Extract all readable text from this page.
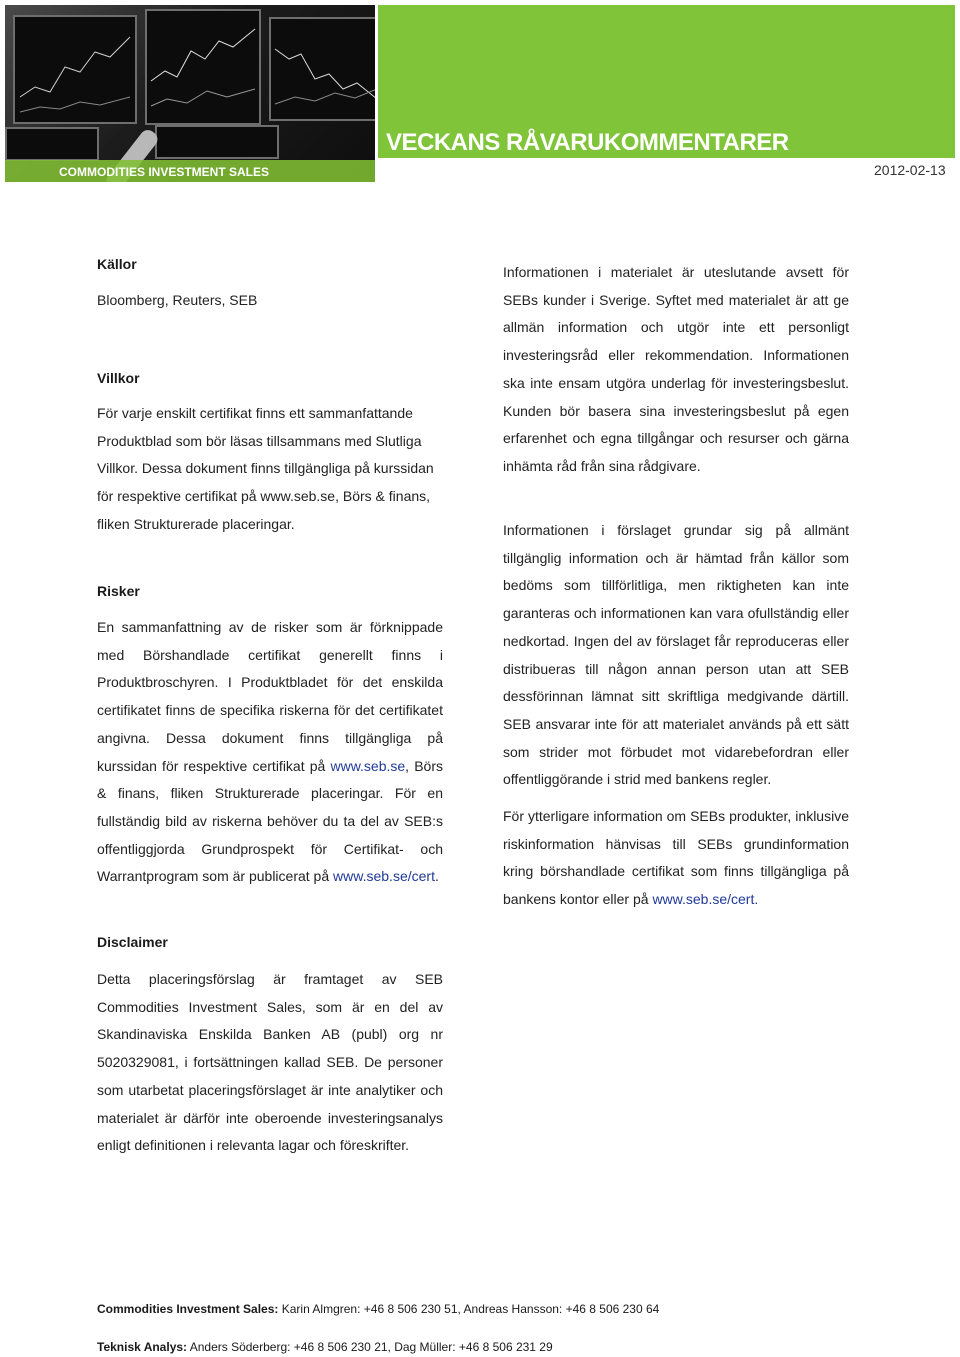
COMMODITIES INVESTMENT SALES
VECKANS RÅVARUKOMMENTARER
2012-02-13
Källor

Bloomberg, Reuters, SEB

Villkor

För varje enskilt certifikat finns ett sammanfattande Produktblad som bör läsas tillsammans med Slutliga Villkor. Dessa dokument finns tillgängliga på kurssidan för respektive certifikat på www.seb.se, Börs & finans, fliken Strukturerade placeringar.

Risker

En sammanfattning av de risker som är förknippade med Börshandlade certifikat generellt finns i Produktbroschyren. I Produktbladet för det enskilda certifikatet finns de specifika riskerna för det certifikatet angivna. Dessa dokument finns tillgängliga på kurssidan för respektive certifikat på www.seb.se, Börs & finans, fliken Strukturerade placeringar. För en fullständig bild av riskerna behöver du ta del av SEB:s offentliggjorda Grundprospekt för Certifikat- och Warrantprogram som är publicerat på www.seb.se/cert.

Disclaimer

Detta placeringsförslag är framtaget av SEB Commodities Investment Sales, som är en del av Skandinaviska Enskilda Banken AB (publ) org nr 5020329081, i fortsättningen kallad SEB. De personer som utarbetat placeringsförslaget är inte analytiker och materialet är därför inte oberoende investeringsanalys enligt definitionen i relevanta lagar och föreskrifter.

Informationen i materialet är uteslutande avsett för SEBs kunder i Sverige. Syftet med materialet är att ge allmän information och utgör inte ett personligt investeringsråd eller rekommendation. Informationen ska inte ensam utgöra underlag för investeringsbeslut. Kunden bör basera sina investeringsbeslut på egen erfarenhet och egna tillgångar och resurser och gärna inhämta råd från sina rådgivare.

Informationen i förslaget grundar sig på allmänt tillgänglig information och är hämtad från källor som bedöms som tillförlitliga, men riktigheten kan inte garanteras och informationen kan vara ofullständig eller nedkortad. Ingen del av förslaget får reproduceras eller distribueras till någon annan person utan att SEB dessförinnan lämnat sitt skriftliga medgivande därtill. SEB ansvarar inte för att materialet används på ett sätt som strider mot förbudet mot vidarebefordran eller offentliggörande i strid med bankens regler.

För ytterligare information om SEBs produkter, inklusive riskinformation hänvisas till SEBs grundinformation kring börshandlade certifikat som finns tillgängliga på bankens kontor eller på www.seb.se/cert.

Commodities Investment Sales: Karin Almgren: +46 8 506 230 51, Andreas Hansson: +46 8 506 230 64
Teknisk Analys: Anders Söderberg: +46 8 506 230 21, Dag Müller: +46 8 506 231 29
